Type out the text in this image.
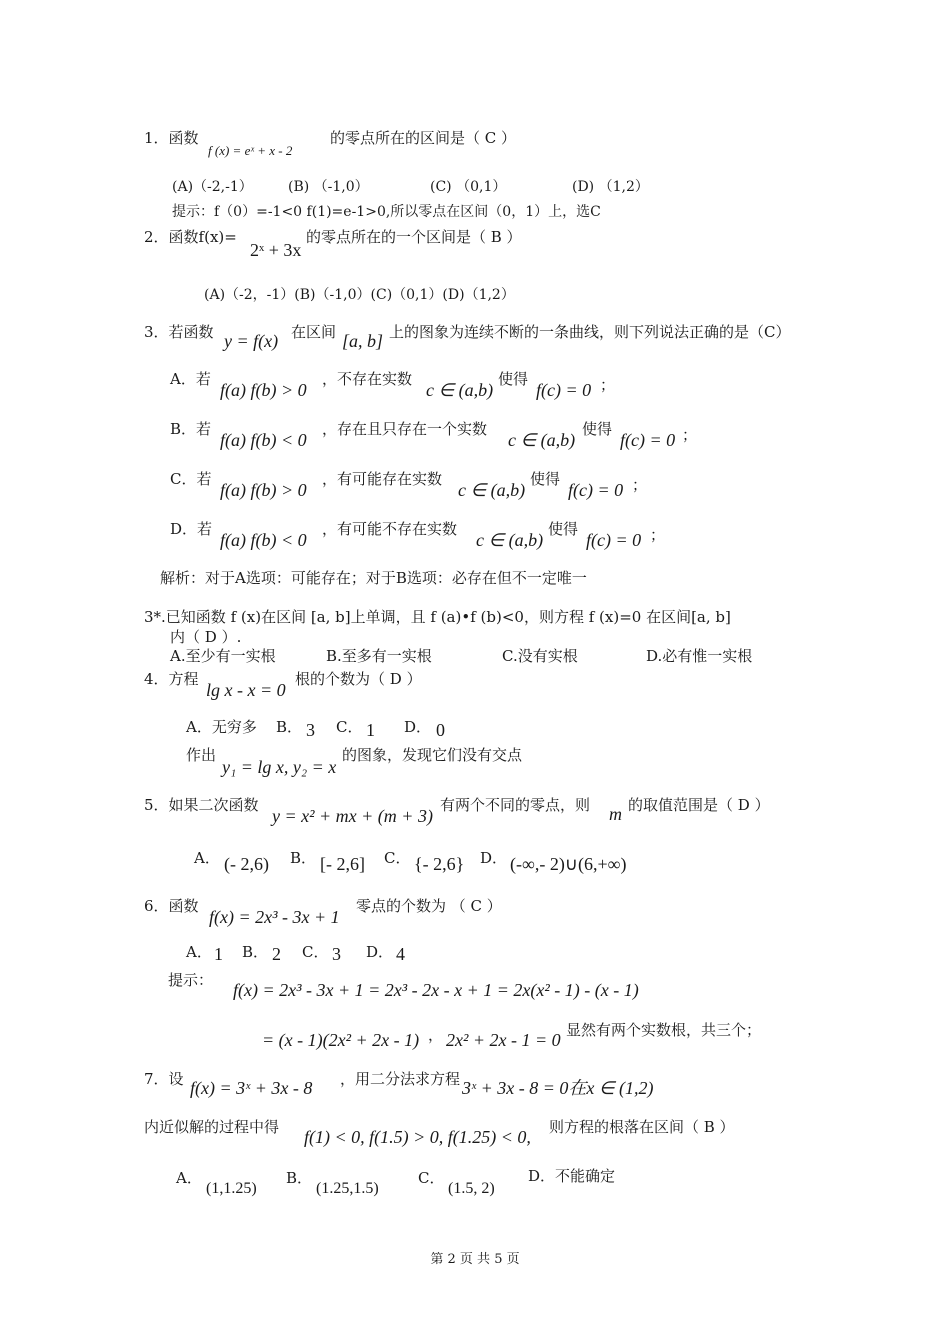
1．函数
f (x) = eˣ + x - 2
的零点所在的区间是（ C ）
(A)（-2,-1）	(B) （-1,0）	(C) （0,1）	(D) （1,2）
提示：f（0）=-1<0 f(1)=e-1>0,所以零点在区间（0，1）上，选C
2．函数f(x)=
2ˣ + 3x
的零点所在的一个区间是（ B ）
(A)（-2，-1）(B)（-1,0）(C)（0,1）(D)（1,2）
3．若函数 y = f(x) 在区间 [a, b] 上的图象为连续不断的一条曲线，则下列说法正确的是（C）
A．若
f(a) f(b) > 0
，不存在实数
c ∈ (a,b)
使得
f(c) = 0 ；
B．若
f(a) f(b) < 0
，存在且只存在一个实数
c ∈ (a,b)
使得
f(c) = 0 ；
C．若
f(a) f(b) > 0
，有可能存在实数
c ∈ (a,b)
使得
f(c) = 0 ；
D．若
f(a) f(b) < 0
，有可能不存在实数
c ∈ (a,b)
使得
f(c) = 0 ；
解析：对于A选项：可能存在；对于B选项：必存在但不一定唯一
3*.已知函数 f (x)在区间 [a, b]上单调，且 f (a)•f (b)<0，则方程 f (x)=0 在区间[a, b]
内（ D ）.
A.至少有一实根	B.至多有一实根	C.没有实根	D.必有惟一实根
4．方程
lg x - x = 0
根的个数为（ D ）
A．无穷多 B． 3 C． 1 D． 0
作出
y₁ = lg x, y₂ = x
的图象，发现它们没有交点
5．如果二次函数
y = x² + mx + (m + 3)
有两个不同的零点，则 m 的取值范围是（ D ）
A． (- 2,6) B． [- 2,6] C． {- 2,6} D． (-∞,- 2)∪(6,+∞)
6．函数
f(x) = 2x³ - 3x + 1
零点的个数为 （ C ）
A． 1 B． 2 C． 3 D． 4
提示： f(x) = 2x³ - 3x + 1 = 2x³ - 2x - x + 1 = 2x(x² - 1) - (x - 1)
= (x - 1)(2x² + 2x - 1) ， 2x² + 2x - 1 = 0 显然有两个实数根，共三个；
7．设 f(x) = 3ˣ + 3x - 8 ，用二分法求方程 3ˣ + 3x - 8 = 0在x ∈ (1,2)
内近似解的过程中得 f(1) < 0, f(1.5) > 0, f(1.25) < 0, 则方程的根落在区间（ B ）
A．
(1,1.25)
B．
(1.25,1.5)
C．
(1.5, 2)
D．不能确定
第 2 页 共 5 页
